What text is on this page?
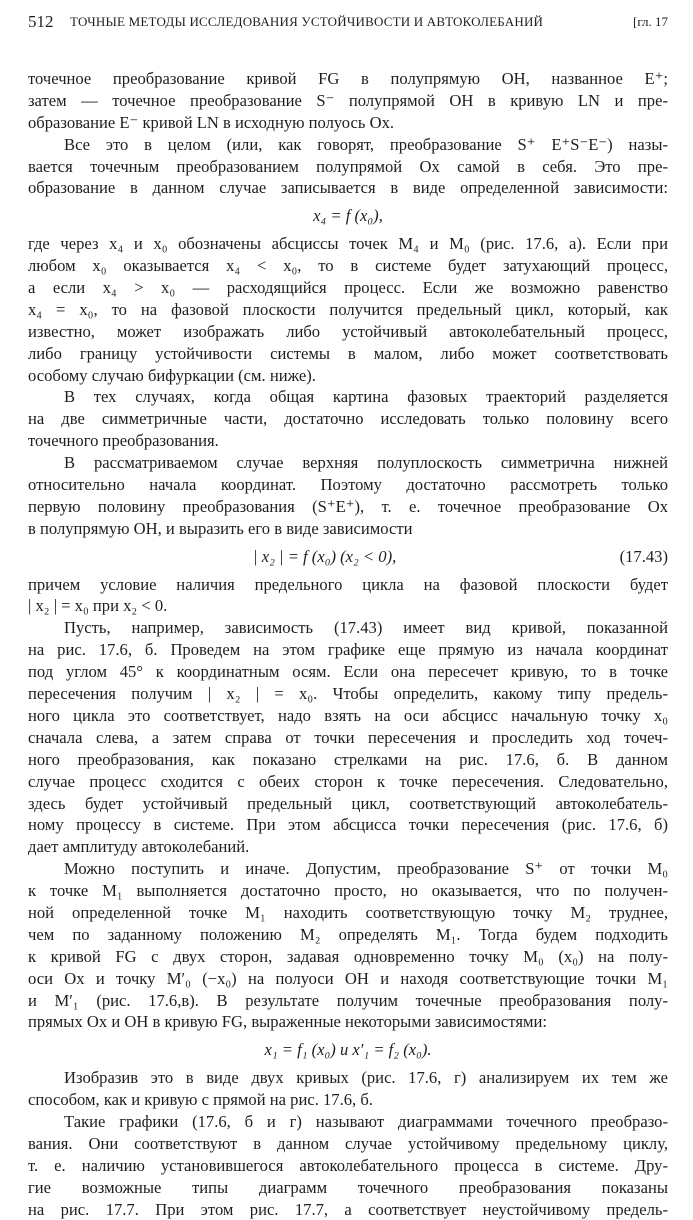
512 ТОЧНЫЕ МЕТОДЫ ИССЛЕДОВАНИЯ УСТОЙЧИВОСТИ И АВТОКОЛЕБАНИЙ	[гл. 17
точечное преобразование кривой FG в полупрямую OH, названное E⁺;
затем — точечное преобразование S⁻ полупрямой OH в кривую LN и пре-
образование E⁻ кривой LN в исходную полуось Ox.
Все это в целом (или, как говорят, преобразование S⁺ E⁺S⁻E⁻) назы-
вается точечным преобразованием полупрямой Ox самой в себя. Это пре-
образование в данном случае записывается в виде определенной зависимости:
x₄ = f (x₀),
где через x₄ и x₀ обозначены абсциссы точек M₄ и M₀ (рис. 17.6, а). Если при
любом x₀ оказывается x₄ < x₀, то в системе будет затухающий процесс,
а если x₄ > x₀ — расходящийся процесс. Если же возможно равенство
x₄ = x₀, то на фазовой плоскости получится предельный цикл, который, как
известно, может изображать либо устойчивый автоколебательный процесс,
либо границу устойчивости системы в малом, либо может соответствовать
особому случаю бифуркации (см. ниже).
В тех случаях, когда общая картина фазовых траекторий разделяется
на две симметричные части, достаточно исследовать только половину всего
точечного преобразования.
В рассматриваемом случае верхняя полуплоскость симметрична нижней
относительно начала координат. Поэтому достаточно рассмотреть только
первую половину преобразования (S⁺E⁺), т. е. точечное преобразование Ox
в полупрямую OH, и выразить его в виде зависимости
| x₂ | = f (x₀) (x₂ < 0),	(17.43)
причем условие наличия предельного цикла на фазовой плоскости будет
| x₂ | = x₀ при x₂ < 0.
Пусть, например, зависимость (17.43) имеет вид кривой, показанной
на рис. 17.6, б. Проведем на этом графике еще прямую из начала координат
под углом 45° к координатным осям. Если она пересечет кривую, то в точке
пересечения получим | x₂ | = x₀. Чтобы определить, какому типу предель-
ного цикла это соответствует, надо взять на оси абсцисс начальную точку x₀
сначала слева, а затем справа от точки пересечения и проследить ход точеч-
ного преобразования, как показано стрелками на рис. 17.6, б. В данном
случае процесс сходится с обеих сторон к точке пересечения. Следовательно,
здесь будет устойчивый предельный цикл, соответствующий автоколебатель-
ному процессу в системе. При этом абсцисса точки пересечения (рис. 17.6, б)
дает амплитуду автоколебаний.
Можно поступить и иначе. Допустим, преобразование S⁺ от точки M₀
к точке M₁ выполняется достаточно просто, но оказывается, что по получен-
ной определенной точке M₁ находить соответствующую точку M₂ труднее,
чем по заданному положению M₂ определять M₁. Тогда будем подходить
к кривой FG с двух сторон, задавая одновременно точку M₀ (x₀) на полу-
оси Ox и точку M′₀ (−x₀) на полуоси OH и находя соответствующие точки M₁
и M′₁ (рис. 17.6,в). В результате получим точечные преобразования полу-
прямых Ox и OH в кривую FG, выраженные некоторыми зависимостями:
x₁ = f₁ (x₀) и x′₁ = f₂ (x₀).
Изобразив это в виде двух кривых (рис. 17.6, г) анализируем их тем же
способом, как и кривую с прямой на рис. 17.6, б.
Такие графики (17.6, б и г) называют диаграммами точечного преобразо-
вания. Они соответствуют в данном случае устойчивому предельному циклу,
т. е. наличию установившегося автоколебательного процесса в системе. Дру-
гие возможные типы диаграмм точечного преобразования показаны
на рис. 17.7. При этом рис. 17.7, а соответствует неустойчивому предель-
